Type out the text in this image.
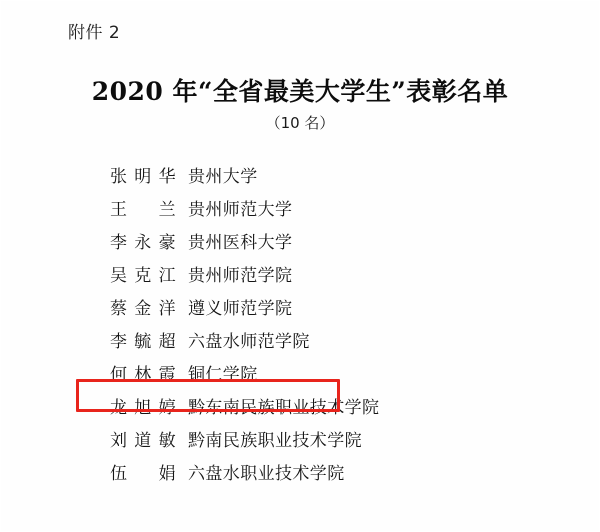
附件 2
2020 年“全省最美大学生”表彰名单
（10 名）
张 明 华 贵州大学
王 兰 贵州师范大学
李 永 豪 贵州医科大学
吴 克 江 贵州师范学院
蔡 金 洋 遵义师范学院
李 毓 超 六盘水师范学院
何 林 霞 铜仁学院
龙 旭 婷 黔东南民族职业技术学院
刘 道 敏 黔南民族职业技术学院
伍 娟 六盘水职业技术学院
